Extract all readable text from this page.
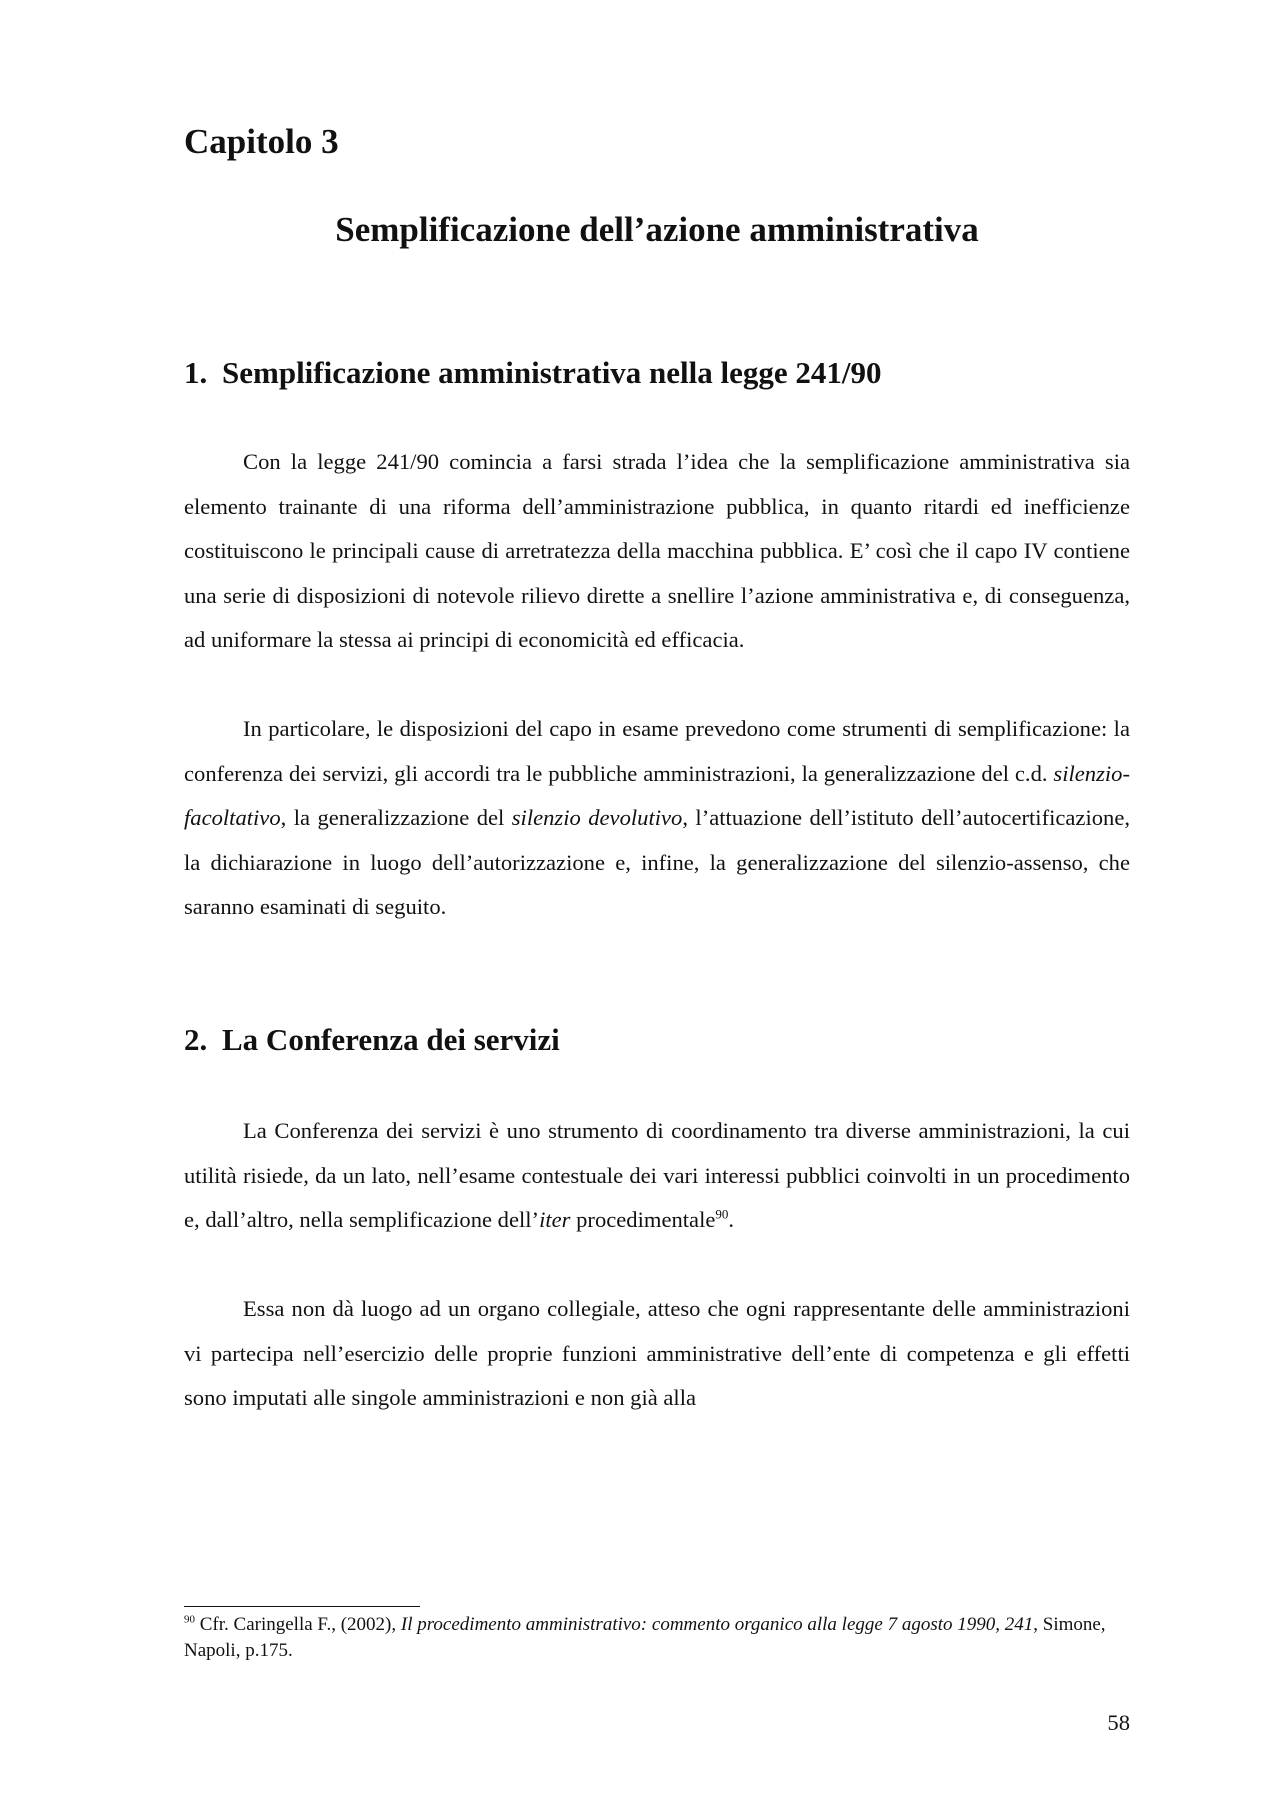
Capitolo 3
Semplificazione dell’azione amministrativa
1. Semplificazione amministrativa nella legge 241/90

Con la legge 241/90 comincia a farsi strada l’idea che la semplificazione amministrativa sia elemento trainante di una riforma dell’amministrazione pubblica, in quanto ritardi ed inefficienze costituiscono le principali cause di arretratezza della macchina pubblica. E’ così che il capo IV contiene una serie di disposizioni di notevole rilievo dirette a snellire l’azione amministrativa e, di conseguenza, ad uniformare la stessa ai principi di economicità ed efficacia.

In particolare, le disposizioni del capo in esame prevedono come strumenti di semplificazione: la conferenza dei servizi, gli accordi tra le pubbliche amministrazioni, la generalizzazione del c.d. silenzio-facoltativo, la generalizzazione del silenzio devolutivo, l’attuazione dell’istituto dell’autocertificazione, la dichiarazione in luogo dell’autorizzazione e, infine, la generalizzazione del silenzio-assenso, che saranno esaminati di seguito.

2. La Conferenza dei servizi

La Conferenza dei servizi è uno strumento di coordinamento tra diverse amministrazioni, la cui utilità risiede, da un lato, nell’esame contestuale dei vari interessi pubblici coinvolti in un procedimento e, dall’altro, nella semplificazione dell’iter procedimentale$^{90}$.

Essa non dà luogo ad un organo collegiale, atteso che ogni rappresentante delle amministrazioni vi partecipa nell’esercizio delle proprie funzioni amministrative dell’ente di competenza e gli effetti sono imputati alle singole amministrazioni e non già alla

$^{90}$ Cfr. Caringella F., (2002), Il procedimento amministrativo: commento organico alla legge 7 agosto 1990, 241, Simone, Napoli, p.175.

58
